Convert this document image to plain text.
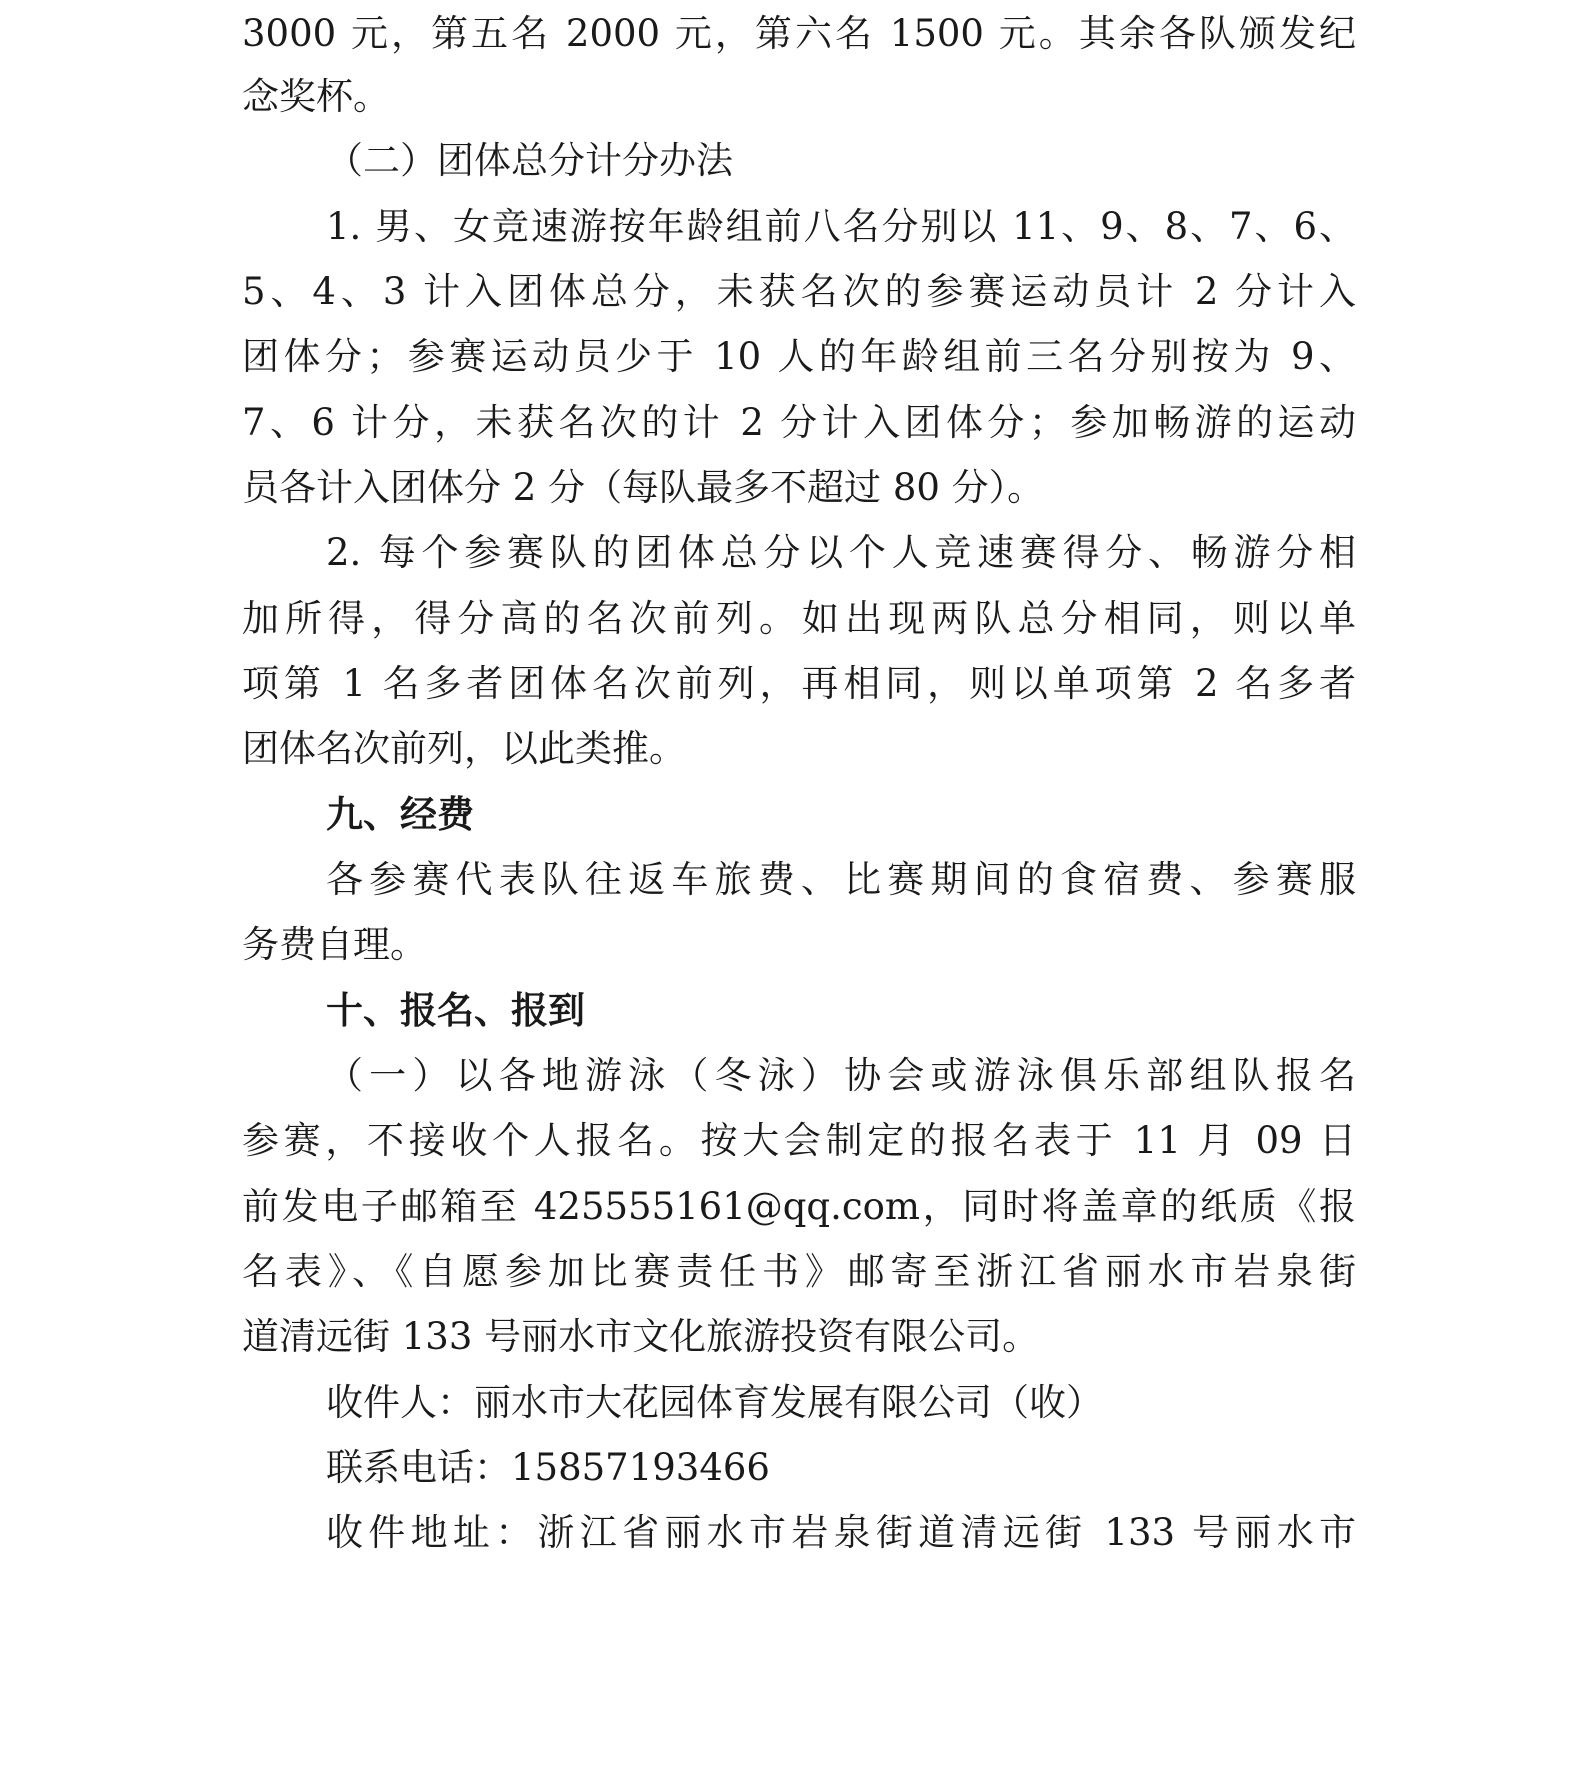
3000 元，第五名 2000 元，第六名 1500 元。其余各队颁发纪
念奖杯。
（二）团体总分计分办法
1. 男、女竞速游按年龄组前八名分别以 11、9、8、7、6、
5、4、3 计入团体总分，未获名次的参赛运动员计 2 分计入
团体分；参赛运动员少于 10 人的年龄组前三名分别按为 9、
7、6 计分，未获名次的计 2 分计入团体分；参加畅游的运动
员各计入团体分 2 分（每队最多不超过 80 分）。
2. 每个参赛队的团体总分以个人竞速赛得分、畅游分相
加所得，得分高的名次前列。如出现两队总分相同，则以单
项第 1 名多者团体名次前列，再相同，则以单项第 2 名多者
团体名次前列，以此类推。
九、经费
各参赛代表队往返车旅费、比赛期间的食宿费、参赛服
务费自理。
十、报名、报到
（一）以各地游泳（冬泳）协会或游泳俱乐部组队报名
参赛，不接收个人报名。按大会制定的报名表于 11 月 09 日
前发电子邮箱至 425555161@qq.com，同时将盖章的纸质《报
名表》、《自愿参加比赛责任书》邮寄至浙江省丽水市岩泉街
道清远街 133 号丽水市文化旅游投资有限公司。
收件人：丽水市大花园体育发展有限公司（收）
联系电话：15857193466
收件地址：浙江省丽水市岩泉街道清远街 133 号丽水市
